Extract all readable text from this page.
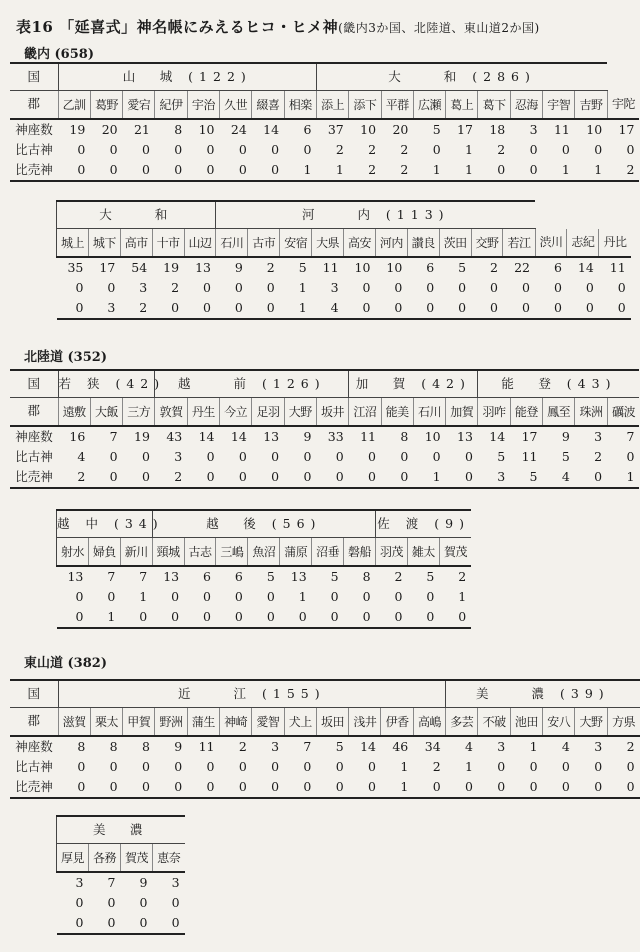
表16 「延喜式」神名帳にみえるヒコ・ヒメ神(畿内3か国、北陸道、東山道2か国)
畿内 (658)
北陸道 (352)
東山道 (382)
国	山　城 (122)								大　　和 (286)									
郡	乙訓	葛野	愛宕	紀伊	宇治	久世	綴喜	相楽	添上	添下	平群	広瀬	葛上	葛下	忍海	宇智	吉野	宇陀
神座数	19	20	21	8	10	24	14	6	37	10	20	5	17	18	3	11	10	17
比古神	0	0	0	0	0	0	0	0	2	2	2	0	1	2	0	0	0	0
比売神	0	0	0	0	0	0	0	1	1	2	2	1	1	0	0	1	1	2
大　　和					河　　内 (113)												
城上	城下	高市	十市	山辺	石川	古市	安宿	大県	高安	河内	讃良	茨田	交野	若江	渋川	志紀	丹比
35	17	54	19	13	9	2	5	11	10	10	6	5	2	22	6	14	11
0	0	3	2	0	0	0	1	3	0	0	0	0	0	0	0	0	0
0	3	2	0	0	0	0	1	4	0	0	0	0	0	0	0	0	0
国	若 狭 (42)			越　　前 (126)						加　賀 (42)				能　登 (43)				
郡	遠敷	大飯	三方	敦賀	丹生	今立	足羽	大野	坂井	江沼	能美	石川	加賀	羽咋	能登	鳳至	珠洲	礪波
神座数	16	7	19	43	14	14	13	9	33	11	8	10	13	14	17	9	3	7
比古神	4	0	0	3	0	0	0	0	0	0	0	0	0	5	11	5	2	0
比売神	2	0	0	2	0	0	0	0	0	0	0	1	0	3	5	4	0	1
越 中 (34)			越　後 (56)							佐 渡 (9)		
射水	婦負	新川	頸城	古志	三嶋	魚沼	蒲原	沼垂	磐船	羽茂	雑太	賀茂
13	7	7	13	6	6	5	13	5	8	2	5	2
0	0	1	0	0	0	0	1	0	0	0	0	1
0	1	0	0	0	0	0	0	0	0	0	0	0
国	近　　江 (155)												美　　濃 (39)					
郡	滋賀	栗太	甲賀	野洲	蒲生	神崎	愛智	犬上	坂田	浅井	伊香	高嶋	多芸	不破	池田	安八	大野	方県
神座数	8	8	8	9	11	2	3	7	5	14	46	34	4	3	1	4	3	2
比古神	0	0	0	0	0	0	0	0	0	0	1	2	1	0	0	0	0	0
比売神	0	0	0	0	0	0	0	0	0	0	1	0	0	0	0	0	0	0
美　濃			
厚見	各務	賀茂	恵奈
3	7	9	3
0	0	0	0
0	0	0	0
